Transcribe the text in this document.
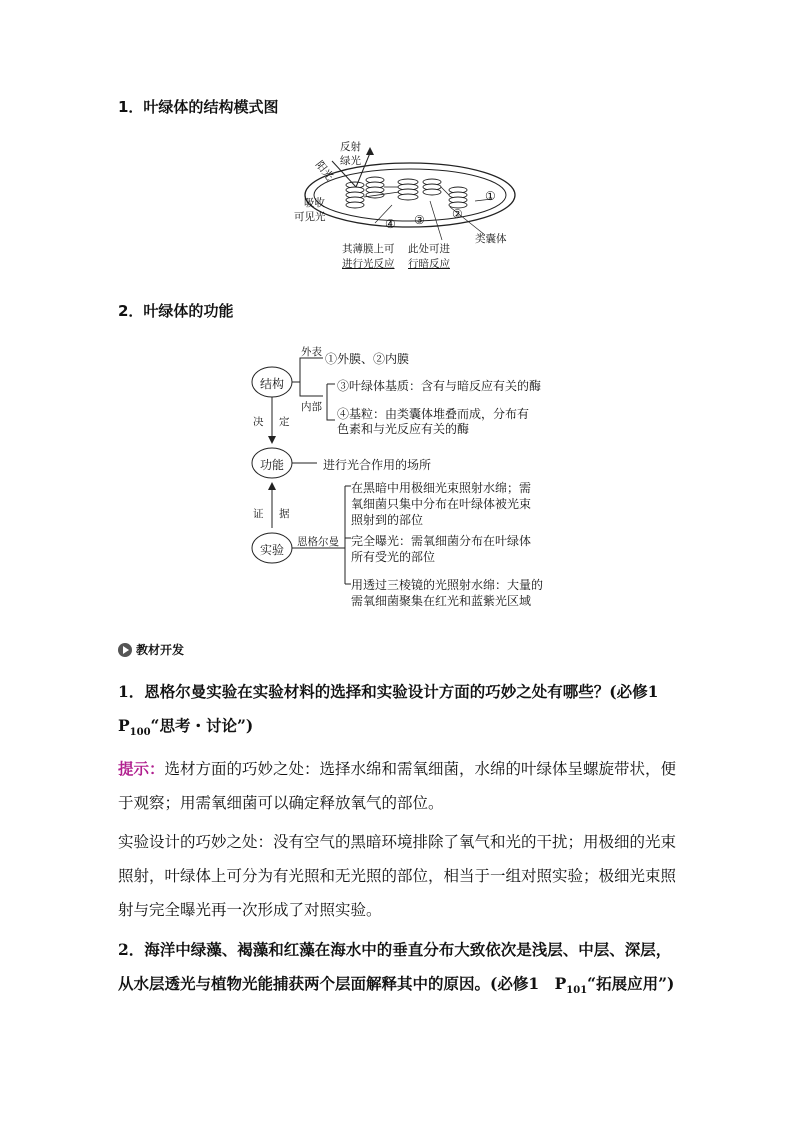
1．叶绿体的结构模式图
反射
绿光
阳光
吸收
可见光
①
②
③
④
类囊体
其薄膜上可
进行光反应
此处可进
行暗反应
2．叶绿体的功能
结构
功能
实验
决 定
证 据
外表
内部
恩格尔曼
①外膜、②内膜
③叶绿体基质：含有与暗反应有关的酶
④基粒：由类囊体堆叠而成，分布有
色素和与光反应有关的酶
进行光合作用的场所
在黑暗中用极细光束照射水绵；需
氧细菌只集中分布在叶绿体被光束
照射到的部位
完全曝光：需氧细菌分布在叶绿体
所有受光的部位
用透过三棱镜的光照射水绵：大量的
需氧细菌聚集在红光和蓝紫光区域
教材开发
1．恩格尔曼实验在实验材料的选择和实验设计方面的巧妙之处有哪些？(必修1
$P_{100}“$思考・讨论”)
提示：选材方面的巧妙之处：选择水绵和需氧细菌，水绵的叶绿体呈螺旋带状，便于观察；用需氧细菌可以确定释放氧气的部位。
实验设计的巧妙之处：没有空气的黑暗环境排除了氧气和光的干扰；用极细的光束照射，叶绿体上可分为有光照和无光照的部位，相当于一组对照实验；极细光束照射与完全曝光再一次形成了对照实验。
2．海洋中绿藻、褐藻和红藻在海水中的垂直分布大致依次是浅层、中层、深层，从水层透光与植物光能捕获两个层面解释其中的原因。(必修1　$P_{101}“$拓展应用”)
